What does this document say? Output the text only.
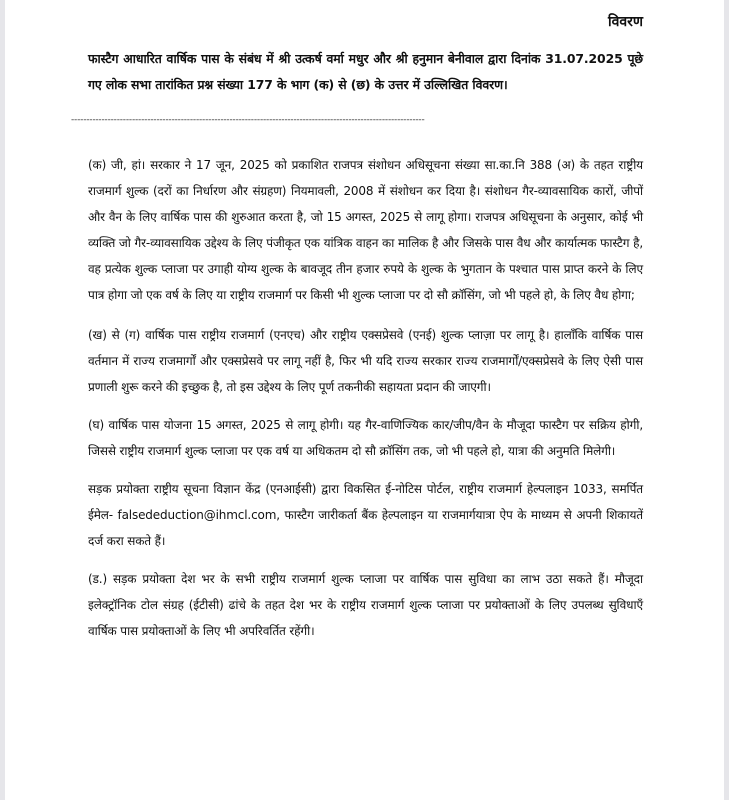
विवरण

फास्टैग आधारित वार्षिक पास के संबंध में श्री उत्कर्ष वर्मा मधुर और श्री हनुमान बेनीवाल द्वारा दिनांक 31.07.2025 पूछे गए लोक सभा तारांकित प्रश्न संख्या 177 के भाग (क) से (छ) के उत्तर में उल्लिखित विवरण।

--------------------------------------------------------------------------------------------------------------------

(क) जी, हां। सरकार ने 17 जून, 2025 को प्रकाशित राजपत्र संशोधन अधिसूचना संख्या सा.का.नि 388 (अ) के तहत राष्ट्रीय राजमार्ग शुल्क (दरों का निर्धारण और संग्रहण) नियमावली, 2008 में संशोधन कर दिया है। संशोधन गैर-व्यावसायिक कारों, जीपों और वैन के लिए वार्षिक पास की शुरुआत करता है, जो 15 अगस्त, 2025 से लागू होगा। राजपत्र अधिसूचना के अनुसार, कोई भी व्यक्ति जो गैर-व्यावसायिक उद्देश्य के लिए पंजीकृत एक यांत्रिक वाहन का मालिक है और जिसके पास वैध और कार्यात्मक फास्टैग है, वह प्रत्येक शुल्क प्लाजा पर उगाही योग्य शुल्क के बावजूद तीन हजार रुपये के शुल्क के भुगतान के पश्चात पास प्राप्त करने के लिए पात्र होगा जो एक वर्ष के लिए या राष्ट्रीय राजमार्ग पर किसी भी शुल्क प्लाजा पर दो सौ क्रॉसिंग, जो भी पहले हो, के लिए वैध होगा;

(ख) से (ग) वार्षिक पास राष्ट्रीय राजमार्ग (एनएच) और राष्ट्रीय एक्सप्रेसवे (एनई) शुल्क प्लाज़ा पर लागू है। हालाँकि वार्षिक पास वर्तमान में राज्य राजमार्गों और एक्सप्रेसवे पर लागू नहीं है, फिर भी यदि राज्य सरकार राज्य राजमार्गों/एक्सप्रेसवे के लिए ऐसी पास प्रणाली शुरू करने की इच्छुक है, तो इस उद्देश्य के लिए पूर्ण तकनीकी सहायता प्रदान की जाएगी।

(घ) वार्षिक पास योजना 15 अगस्त, 2025 से लागू होगी। यह गैर-वाणिज्यिक कार/जीप/वैन के मौजूदा फास्टैग पर सक्रिय होगी, जिससे राष्ट्रीय राजमार्ग शुल्क प्लाजा पर एक वर्ष या अधिकतम दो सौ क्रॉसिंग तक, जो भी पहले हो, यात्रा की अनुमति मिलेगी।

सड़क प्रयोक्ता राष्ट्रीय सूचना विज्ञान केंद्र (एनआईसी) द्वारा विकसित ई-नोटिस पोर्टल, राष्ट्रीय राजमार्ग हेल्पलाइन 1033, समर्पित ईमेल- falsededuction@ihmcl.com, फास्टैग जारीकर्ता बैंक हेल्पलाइन या राजमार्गयात्रा ऐप के माध्यम से अपनी शिकायतें दर्ज करा सकते हैं।

(ड.) सड़क प्रयोक्ता देश भर के सभी राष्ट्रीय राजमार्ग शुल्क प्लाजा पर वार्षिक पास सुविधा का लाभ उठा सकते हैं। मौजूदा इलेक्ट्रॉनिक टोल संग्रह (ईटीसी) ढांचे के तहत देश भर के राष्ट्रीय राजमार्ग शुल्क प्लाजा पर प्रयोक्ताओं के लिए उपलब्ध सुविधाएँ वार्षिक पास प्रयोक्ताओं के लिए भी अपरिवर्तित रहेंगी।
